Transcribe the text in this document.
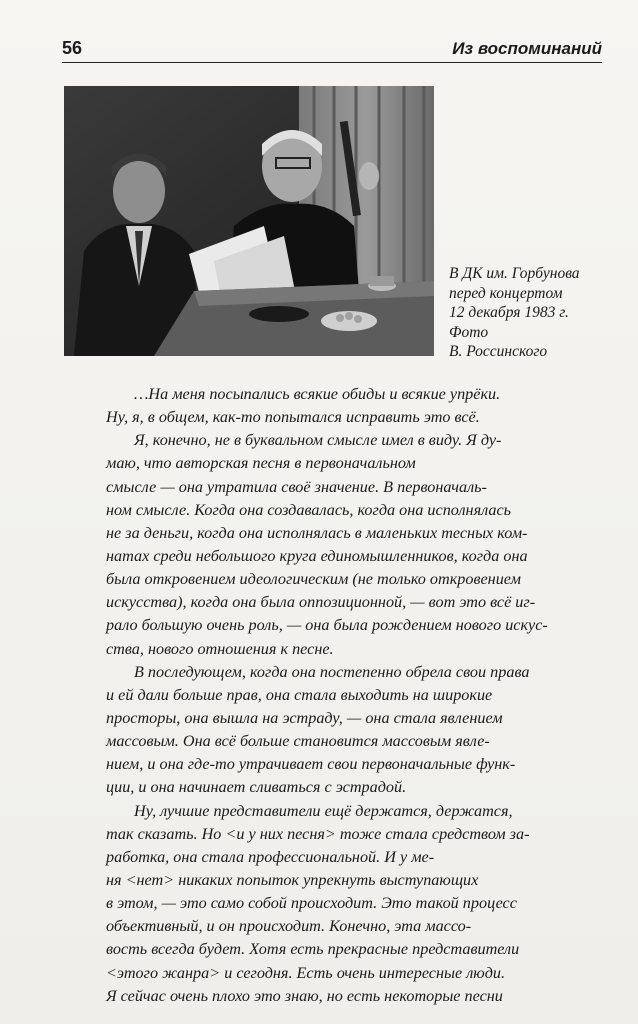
56	Из воспоминаний
В ДК им. Горбунова
перед концертом
12 декабря 1983 г.
Фото
В. Россинского
…На меня посыпались всякие обиды и всякие упрёки.
Ну, я, в общем, как-то попытался исправить это всё.
Я, конечно, не в буквальном смысле имел в виду. Я ду-
маю, что авторская песня в первоначальном
смысле — она утратила своё значение. В первоначаль-
ном смысле. Когда она создавалась, когда она исполнялась
не за деньги, когда она исполнялась в маленьких тесных ком-
натах среди небольшого круга единомышленников, когда она
была откровением идеологическим (не только откровением
искусства), когда она была оппозиционной, — вот это всё иг-
рало большую очень роль, — она была рождением нового искус-
ства, нового отношения к песне.
В последующем, когда она постепенно обрела свои права
и ей дали больше прав, она стала выходить на широкие
просторы, она вышла на эстраду, — она стала явлением
массовым. Она всё больше становится массовым явле-
нием, и она где-то утрачивает свои первоначальные функ-
ции, и она начинает сливаться с эстрадой.
Ну, лучшие представители ещё держатся, держатся,
так сказать. Но <и у них песня> тоже стала средством за-
работка, она стала профессиональной. И у ме-
ня <нет> никаких попыток упрекнуть выступающих
в этом, — это само собой происходит. Это такой процесс
объективный, и он происходит. Конечно, эта массо-
вость всегда будет. Хотя есть прекрасные представители
<этого жанра> и сегодня. Есть очень интересные люди.
Я сейчас очень плохо это знаю, но есть некоторые песни
